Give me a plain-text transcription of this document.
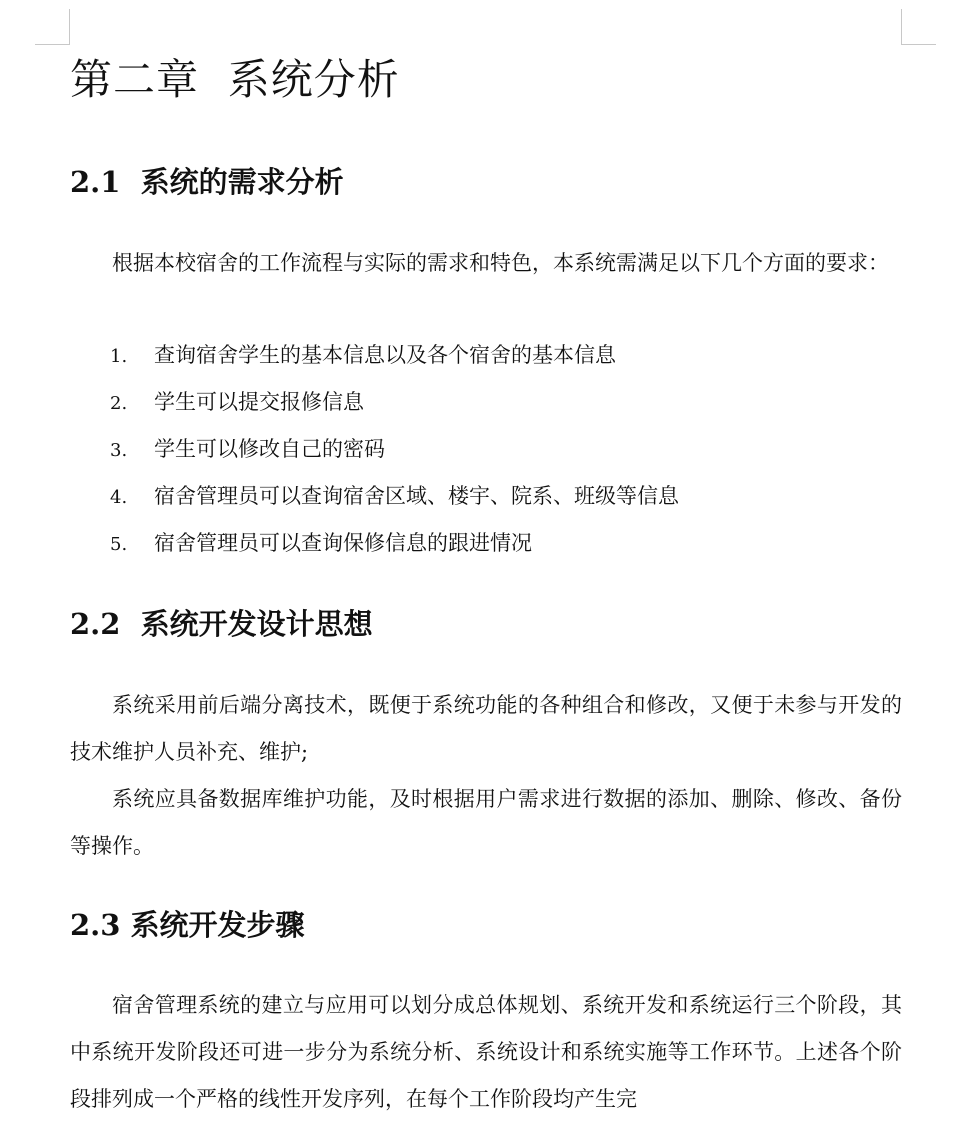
第二章  系统分析
2.1  系统的需求分析

根据本校宿舍的工作流程与实际的需求和特色，本系统需满足以下几个方面的要求：

1. 查询宿舍学生的基本信息以及各个宿舍的基本信息
2. 学生可以提交报修信息
3. 学生可以修改自己的密码
4. 宿舍管理员可以查询宿舍区域、楼宇、院系、班级等信息
5. 宿舍管理员可以查询保修信息的跟进情况
2.2  系统开发设计思想

系统采用前后端分离技术，既便于系统功能的各种组合和修改，又便于未参与开发的技术维护人员补充、维护;

系统应具备数据库维护功能，及时根据用户需求进行数据的添加、删除、修改、备份等操作。

2.3 系统开发步骤

宿舍管理系统的建立与应用可以划分成总体规划、系统开发和系统运行三个阶段，其中系统开发阶段还可进一步分为系统分析、系统设计和系统实施等工作环节。上述各个阶段排列成一个严格的线性开发序列，在每个工作阶段均产生完
